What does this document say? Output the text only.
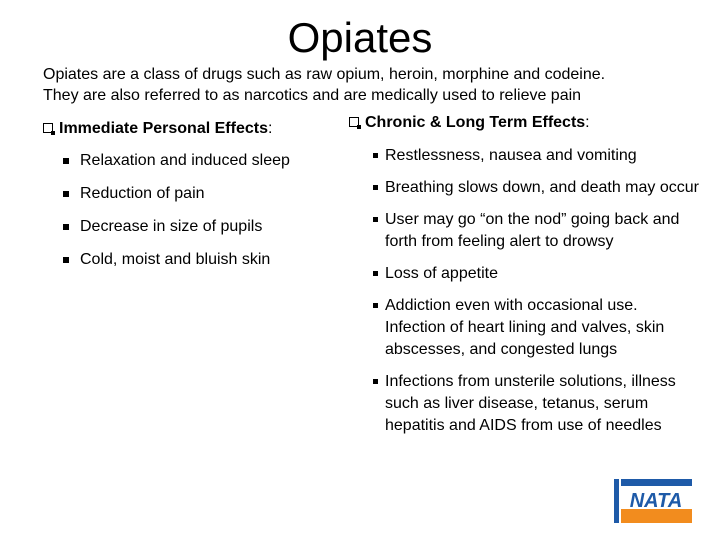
Opiates
Opiates are a class of drugs such as raw opium, heroin, morphine and codeine.
They are also referred to as narcotics and are medically used to relieve pain
Immediate Personal Effects:	Chronic & Long Term Effects:
Relaxation and induced sleep
Reduction of pain
Decrease in size of pupils
Cold, moist and bluish skin
Restlessness, nausea and vomiting
Breathing slows down, and death may occur
User may go “on the nod” going back and forth from feeling alert to drowsy
Loss of appetite
Addiction even with occasional use. Infection of heart lining and valves, skin abscesses, and congested lungs
Infections from unsterile solutions, illness such as liver disease, tetanus, serum hepatitis and AIDS from use of needles
NATA
